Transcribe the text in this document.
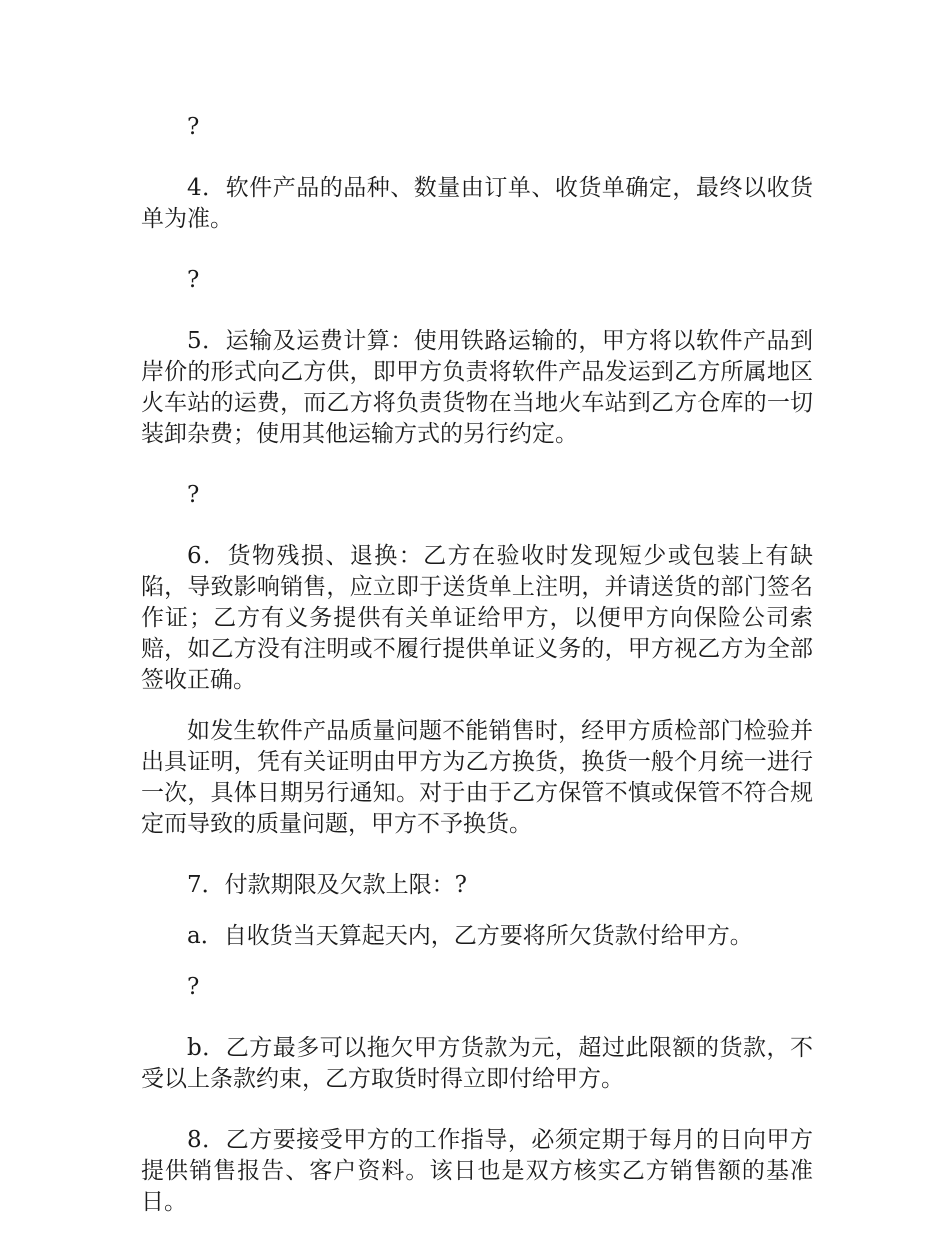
?

4．软件产品的品种、数量由订单、收货单确定，最终以收货单为准。

?

5．运输及运费计算：使用铁路运输的，甲方将以软件产品到岸价的形式向乙方供，即甲方负责将软件产品发运到乙方所属地区火车站的运费，而乙方将负责货物在当地火车站到乙方仓库的一切装卸杂费；使用其他运输方式的另行约定。

?

6．货物残损、退换：乙方在验收时发现短少或包装上有缺陷，导致影响销售，应立即于送货单上注明，并请送货的部门签名作证；乙方有义务提供有关单证给甲方，以便甲方向保险公司索赔，如乙方没有注明或不履行提供单证义务的，甲方视乙方为全部签收正确。

如发生软件产品质量问题不能销售时，经甲方质检部门检验并出具证明，凭有关证明由甲方为乙方换货，换货一般个月统一进行一次，具体日期另行通知。对于由于乙方保管不慎或保管不符合规定而导致的质量问题，甲方不予换货。

7．付款期限及欠款上限：?

a．自收货当天算起天内，乙方要将所欠货款付给甲方。

?

b．乙方最多可以拖欠甲方货款为元，超过此限额的货款，不受以上条款约束，乙方取货时得立即付给甲方。

8．乙方要接受甲方的工作指导，必须定期于每月的日向甲方提供销售报告、客户资料。该日也是双方核实乙方销售额的基准日。
